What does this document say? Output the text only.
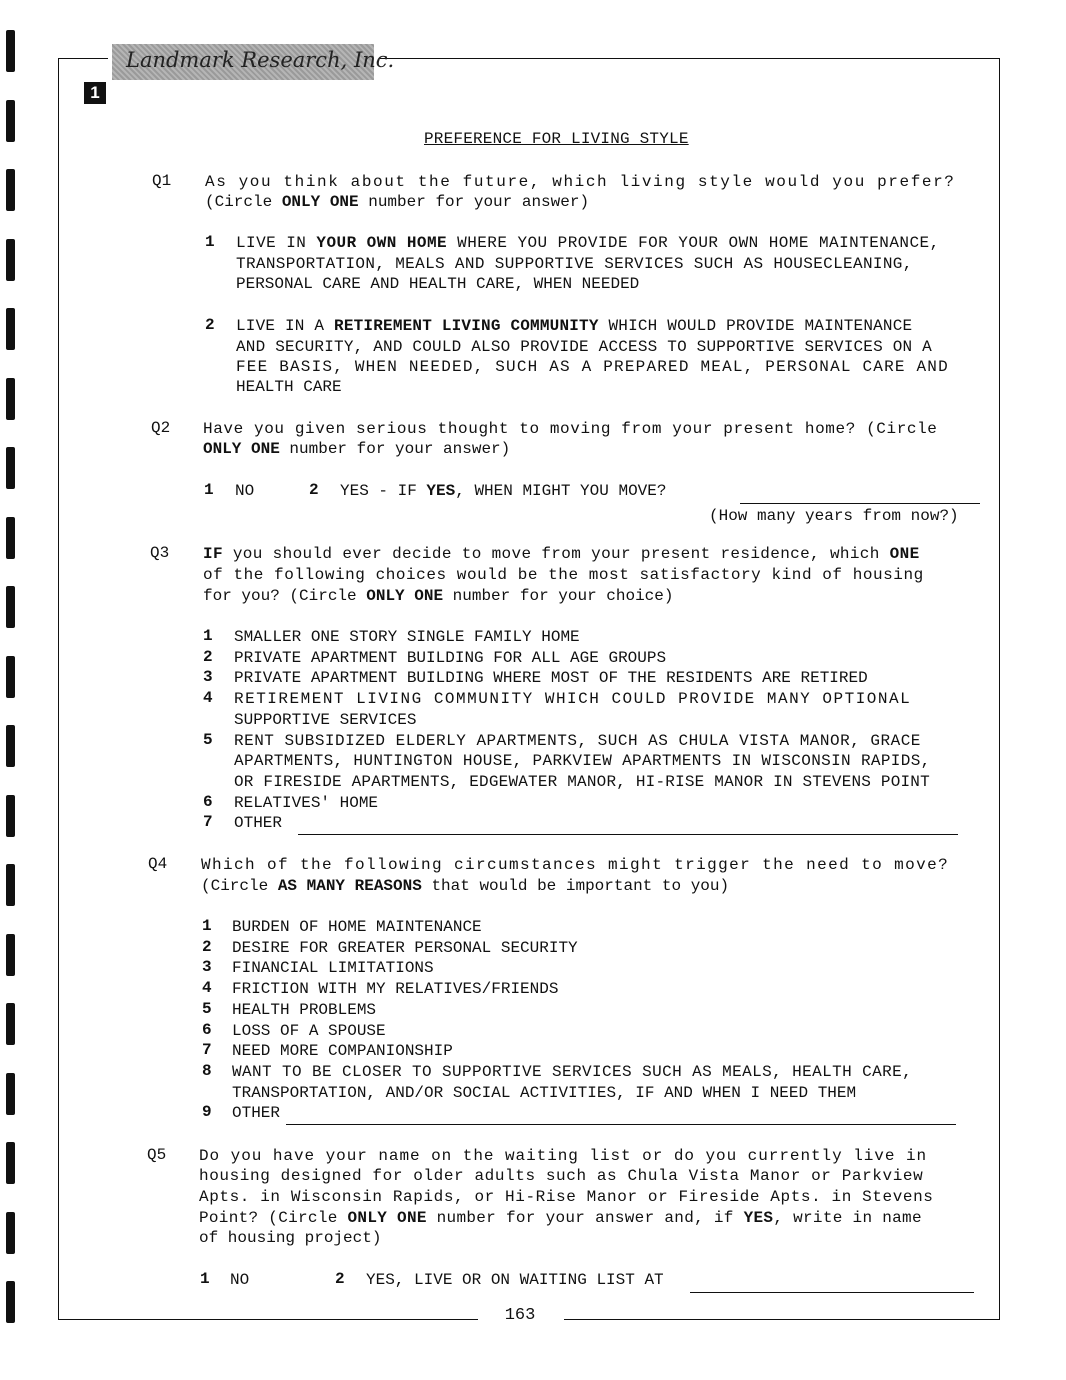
Landmark Research, Inc.
1
PREFERENCE FOR LIVING STYLE
Q1 As you think about the future, which living style would you prefer?
(Circle ONLY ONE number for your answer)
1 LIVE IN YOUR OWN HOME WHERE YOU PROVIDE FOR YOUR OWN HOME MAINTENANCE,
TRANSPORTATION, MEALS AND SUPPORTIVE SERVICES SUCH AS HOUSECLEANING,
PERSONAL CARE AND HEALTH CARE, WHEN NEEDED
2 LIVE IN A RETIREMENT LIVING COMMUNITY WHICH WOULD PROVIDE MAINTENANCE
AND SECURITY, AND COULD ALSO PROVIDE ACCESS TO SUPPORTIVE SERVICES ON A
FEE BASIS, WHEN NEEDED, SUCH AS A PREPARED MEAL, PERSONAL CARE AND
HEALTH CARE
Q2 Have you given serious thought to moving from your present home? (Circle
ONLY ONE number for your answer)
1 NO	2 YES - IF YES, WHEN MIGHT YOU MOVE?
(How many years from now?)
Q3 IF you should ever decide to move from your present residence, which ONE
of the following choices would be the most satisfactory kind of housing
for you? (Circle ONLY ONE number for your choice)
1 SMALLER ONE STORY SINGLE FAMILY HOME
2 PRIVATE APARTMENT BUILDING FOR ALL AGE GROUPS
3 PRIVATE APARTMENT BUILDING WHERE MOST OF THE RESIDENTS ARE RETIRED
4 RETIREMENT LIVING COMMUNITY WHICH COULD PROVIDE MANY OPTIONAL
SUPPORTIVE SERVICES
5 RENT SUBSIDIZED ELDERLY APARTMENTS, SUCH AS CHULA VISTA MANOR, GRACE
APARTMENTS, HUNTINGTON HOUSE, PARKVIEW APARTMENTS IN WISCONSIN RAPIDS,
OR FIRESIDE APARTMENTS, EDGEWATER MANOR, HI-RISE MANOR IN STEVENS POINT
6 RELATIVES' HOME
7 OTHER
Q4 Which of the following circumstances might trigger the need to move?
(Circle AS MANY REASONS that would be important to you)
1 BURDEN OF HOME MAINTENANCE
2 DESIRE FOR GREATER PERSONAL SECURITY
3 FINANCIAL LIMITATIONS
4 FRICTION WITH MY RELATIVES/FRIENDS
5 HEALTH PROBLEMS
6 LOSS OF A SPOUSE
7 NEED MORE COMPANIONSHIP
8 WANT TO BE CLOSER TO SUPPORTIVE SERVICES SUCH AS MEALS, HEALTH CARE,
TRANSPORTATION, AND/OR SOCIAL ACTIVITIES, IF AND WHEN I NEED THEM
9 OTHER
Q5 Do you have your name on the waiting list or do you currently live in
housing designed for older adults such as Chula Vista Manor or Parkview
Apts. in Wisconsin Rapids, or Hi-Rise Manor or Fireside Apts. in Stevens
Point? (Circle ONLY ONE number for your answer and, if YES, write in name
of housing project)
1 NO	2 YES, LIVE OR ON WAITING LIST AT
163
